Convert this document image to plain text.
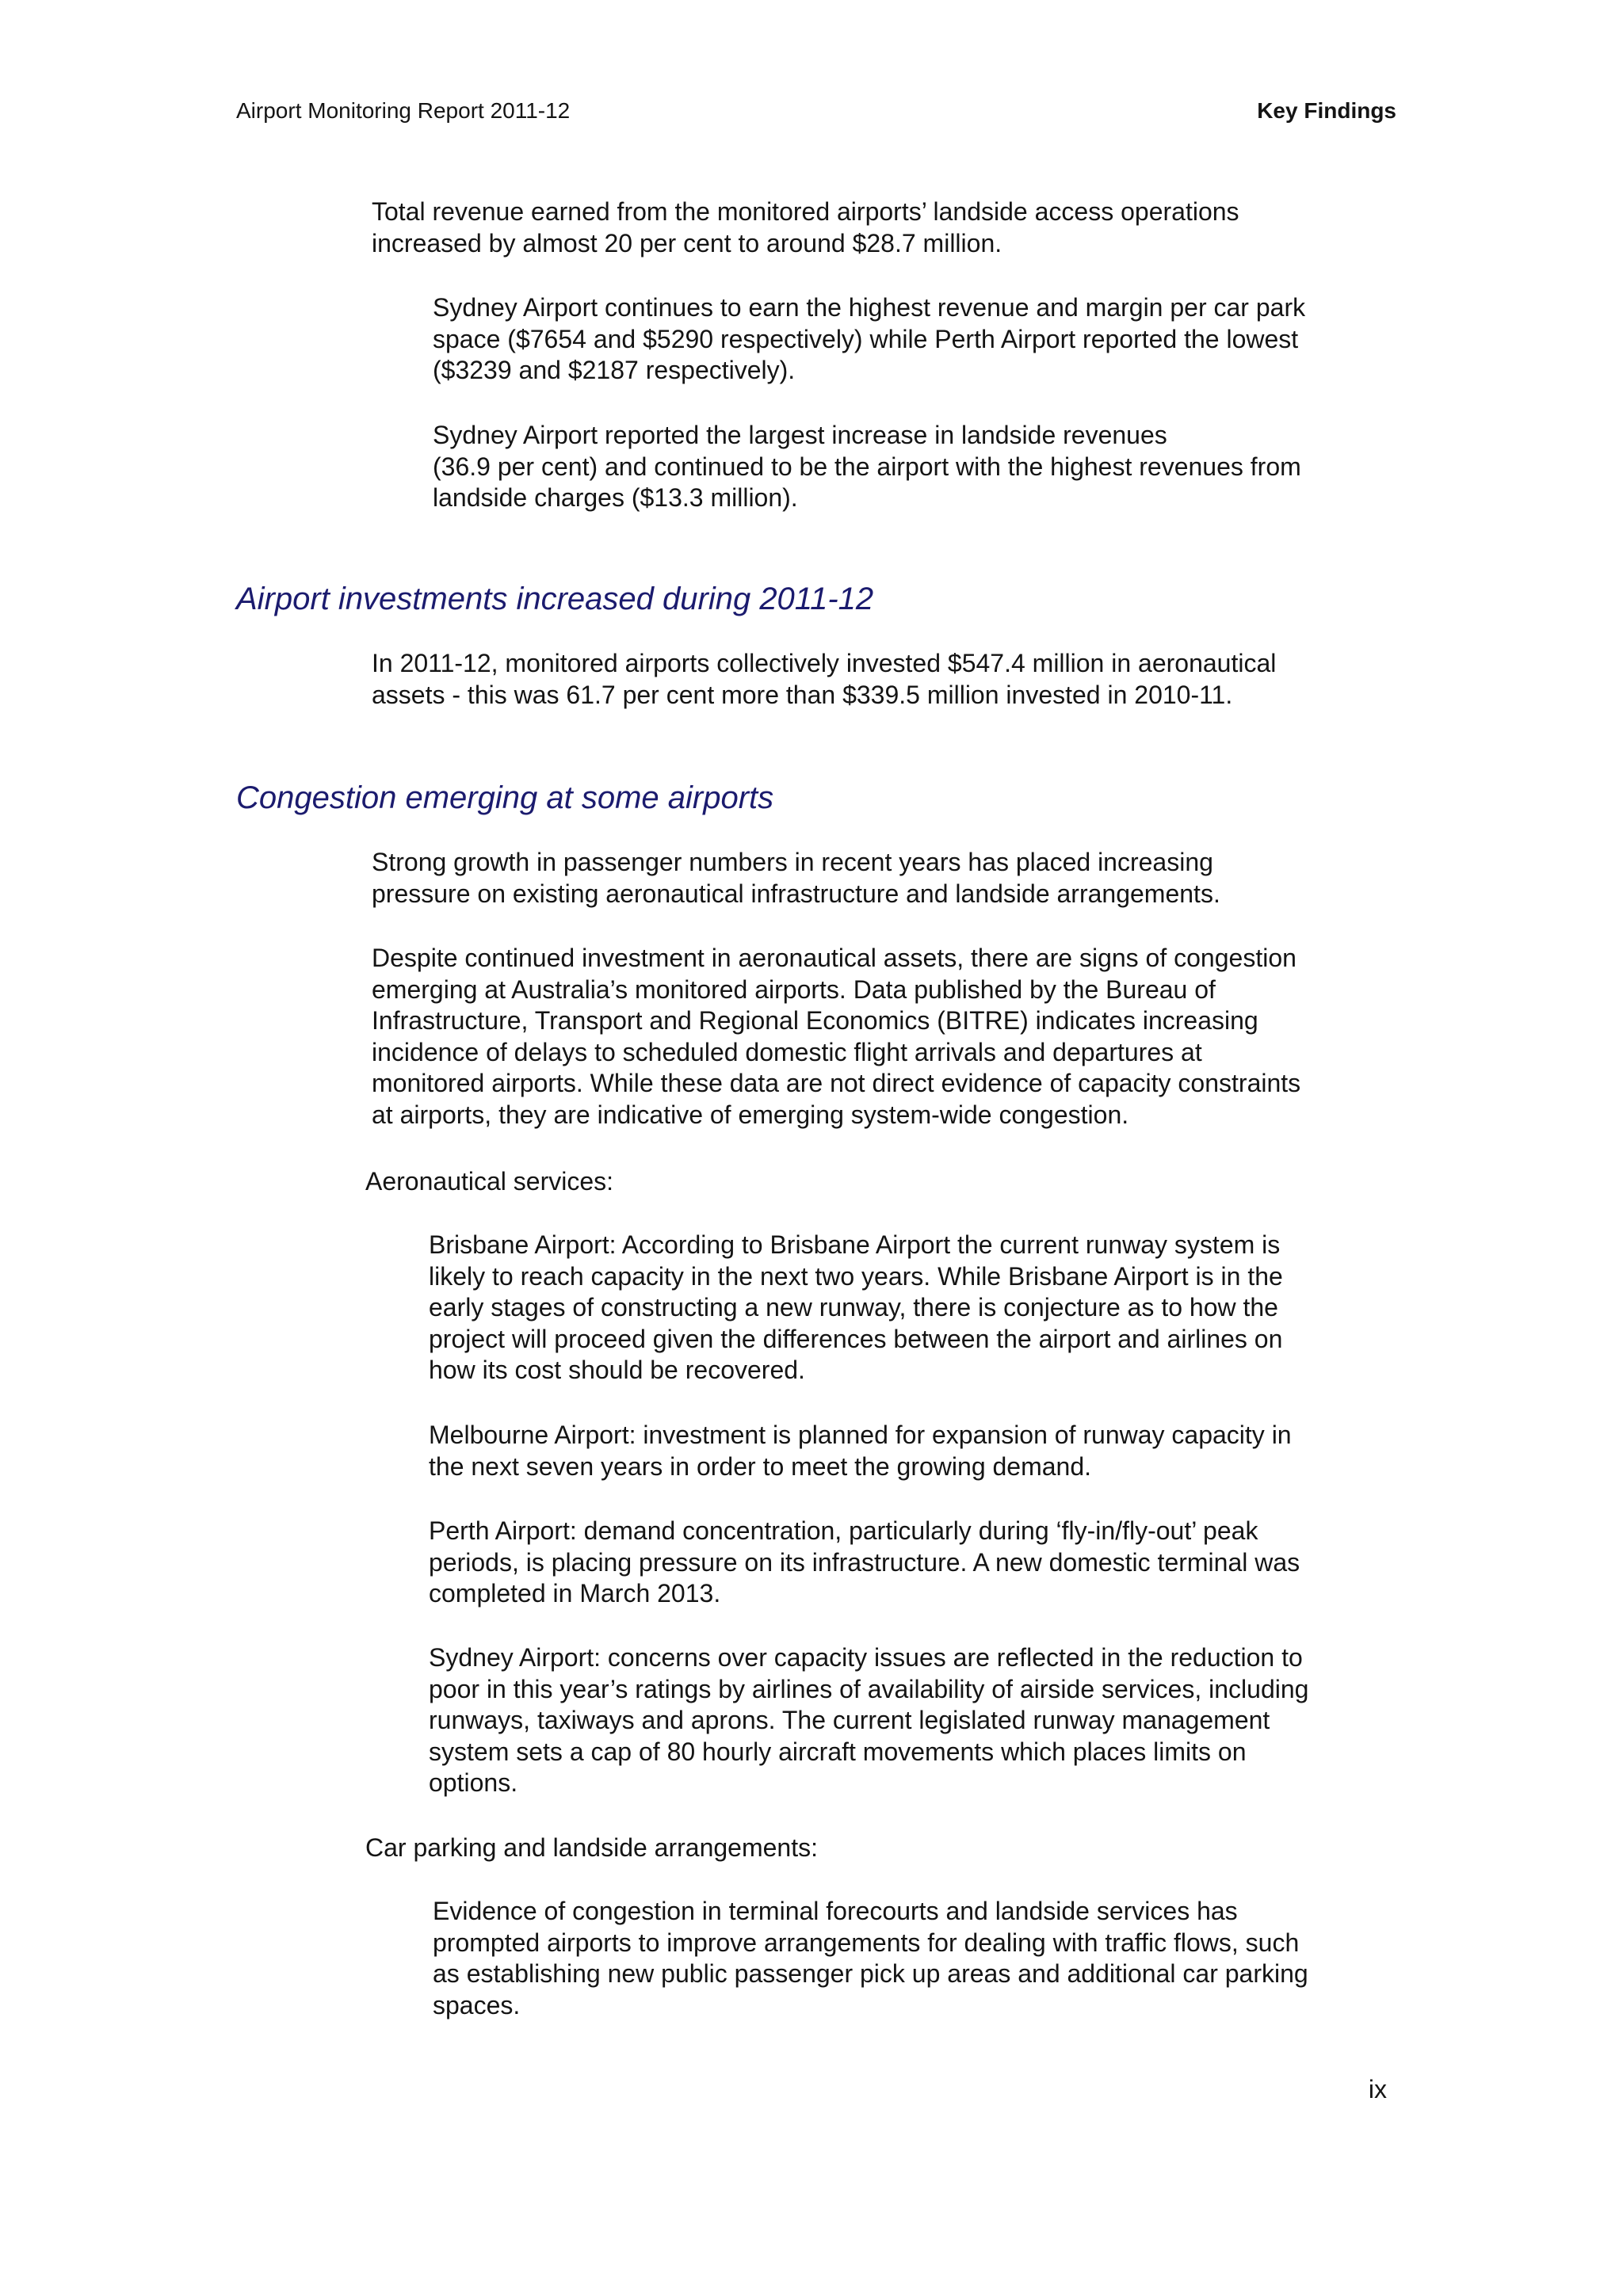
Airport Monitoring Report 2011-12	Key Findings

Total revenue earned from the monitored airports’ landside access operations
increased by almost 20 per cent to around $28.7 million.

Sydney Airport continues to earn the highest revenue and margin per car park
space ($7654 and $5290 respectively) while Perth Airport reported the lowest
($3239 and $2187 respectively).

Sydney Airport reported the largest increase in landside revenues
(36.9 per cent) and continued to be the airport with the highest revenues from
landside charges ($13.3 million).

Airport investments increased during 2011-12

In 2011-12, monitored airports collectively invested $547.4 million in aeronautical
assets - this was 61.7 per cent more than $339.5 million invested in 2010-11.

Congestion emerging at some airports

Strong growth in passenger numbers in recent years has placed increasing
pressure on existing aeronautical infrastructure and landside arrangements.

Despite continued investment in aeronautical assets, there are signs of congestion
emerging at Australia’s monitored airports. Data published by the Bureau of
Infrastructure, Transport and Regional Economics (BITRE) indicates increasing
incidence of delays to scheduled domestic flight arrivals and departures at
monitored airports. While these data are not direct evidence of capacity constraints
at airports, they are indicative of emerging system-wide congestion.

Aeronautical services:

Brisbane Airport: According to Brisbane Airport the current runway system is
likely to reach capacity in the next two years. While Brisbane Airport is in the
early stages of constructing a new runway, there is conjecture as to how the
project will proceed given the differences between the airport and airlines on
how its cost should be recovered.

Melbourne Airport: investment is planned for expansion of runway capacity in
the next seven years in order to meet the growing demand.

Perth Airport: demand concentration, particularly during ‘fly-in/fly-out’ peak
periods, is placing pressure on its infrastructure. A new domestic terminal was
completed in March 2013.

Sydney Airport: concerns over capacity issues are reflected in the reduction to
poor in this year’s ratings by airlines of availability of airside services, including
runways, taxiways and aprons. The current legislated runway management
system sets a cap of 80 hourly aircraft movements which places limits on
options.

Car parking and landside arrangements:

Evidence of congestion in terminal forecourts and landside services has
prompted airports to improve arrangements for dealing with traffic flows, such
as establishing new public passenger pick up areas and additional car parking
spaces.

ix
